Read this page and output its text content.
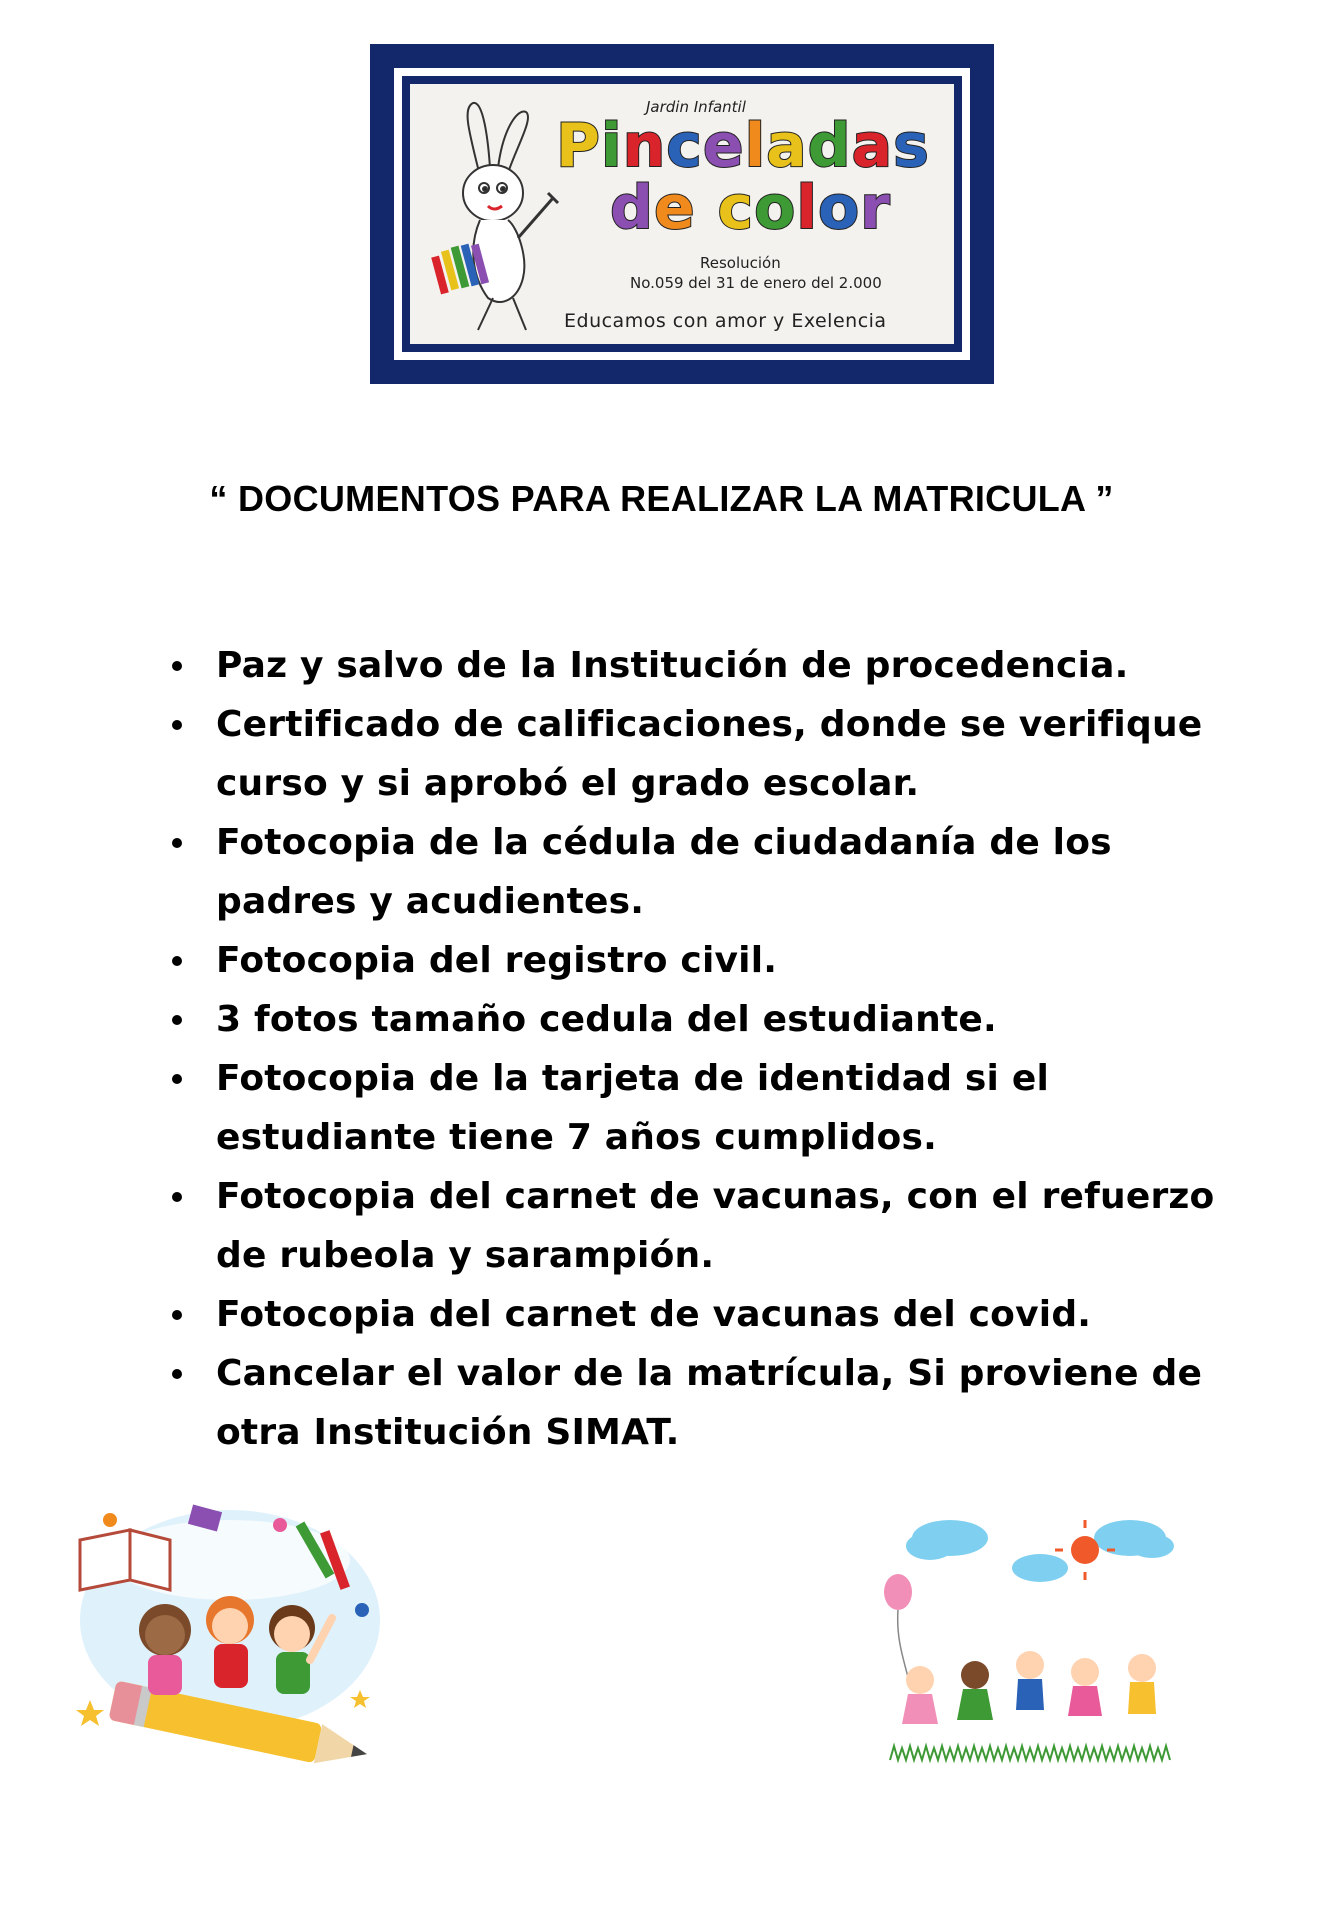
Jardin Infantil
Pinceladas
de color
Resolución
No.059 del 31 de enero del 2.000
Educamos con amor y Exelencia
“ DOCUMENTOS PARA REALIZAR LA MATRICULA ”
Paz y salvo de la Institución de procedencia.
Certificado de calificaciones, donde se verifique
curso y si aprobó el grado escolar.
Fotocopia de la cédula de ciudadanía de los
padres y acudientes.
Fotocopia del registro civil.
3 fotos tamaño cedula del estudiante.
Fotocopia de la tarjeta de identidad si el
estudiante tiene 7 años cumplidos.
Fotocopia del carnet de vacunas, con el refuerzo
de rubeola y sarampión.
Fotocopia del carnet de vacunas del covid.
Cancelar el valor de la matrícula, Si proviene de
otra Institución SIMAT.
